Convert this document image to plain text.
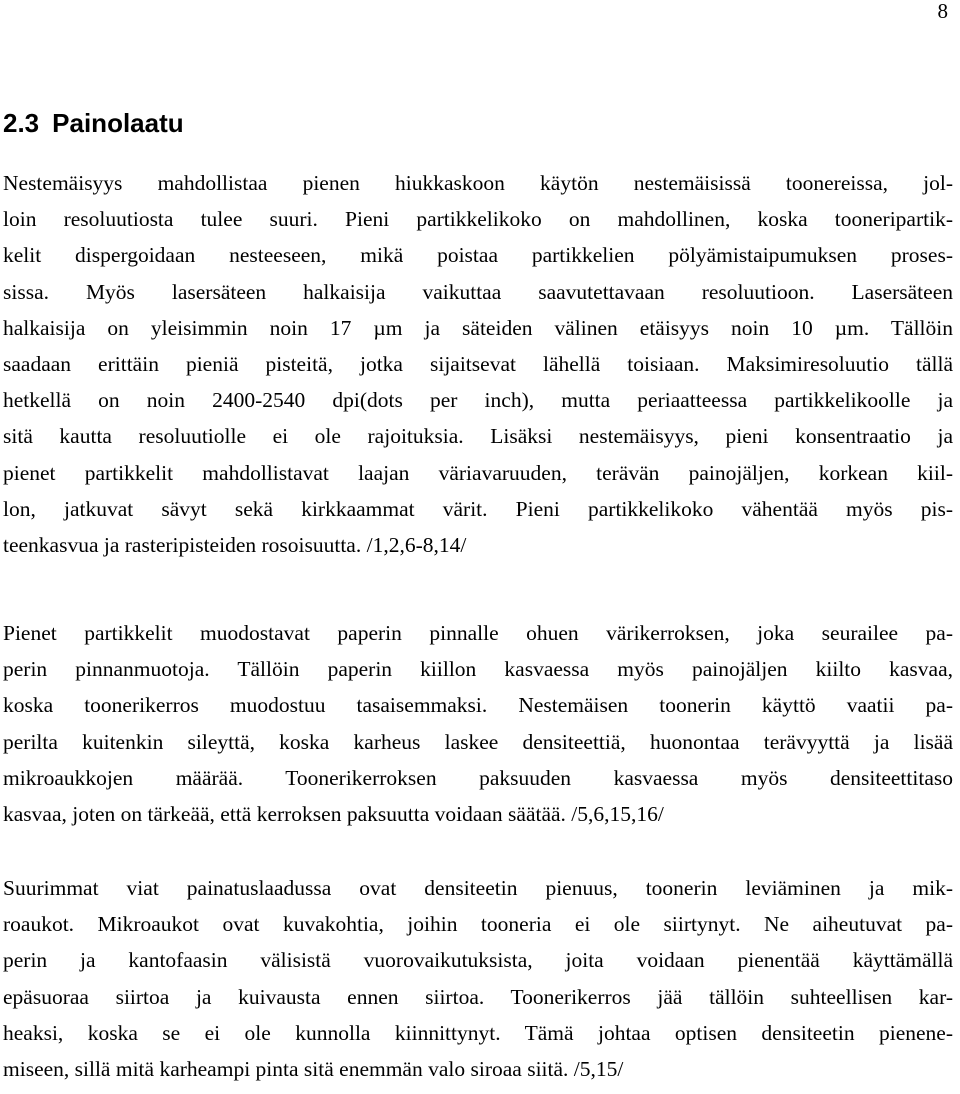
8
2.3 Painolaatu
Nestemäisyys mahdollistaa pienen hiukkaskoon käytön nestemäisissä toonereissa, jol-
loin resoluutiosta tulee suuri. Pieni partikkelikoko on mahdollinen, koska tooneripartik-
kelit dispergoidaan nesteeseen, mikä poistaa partikkelien pölyämistaipumuksen proses-
sissa. Myös lasersäteen halkaisija vaikuttaa saavutettavaan resoluutioon. Lasersäteen
halkaisija on yleisimmin noin 17 µm ja säteiden välinen etäisyys noin 10 µm. Tällöin
saadaan erittäin pieniä pisteitä, jotka sijaitsevat lähellä toisiaan. Maksimiresoluutio tällä
hetkellä on noin 2400-2540 dpi(dots per inch), mutta periaatteessa partikkelikoolle ja
sitä kautta resoluutiolle ei ole rajoituksia. Lisäksi nestemäisyys, pieni konsentraatio ja
pienet partikkelit mahdollistavat laajan väriavaruuden, terävän painojäljen, korkean kiil-
lon, jatkuvat sävyt sekä kirkkaammat värit. Pieni partikkelikoko vähentää myös pis-
teenkasvua ja rasteripisteiden rosoisuutta. /1,2,6-8,14/
Pienet partikkelit muodostavat paperin pinnalle ohuen värikerroksen, joka seurailee pa-
perin pinnanmuotoja. Tällöin paperin kiillon kasvaessa myös painojäljen kiilto kasvaa,
koska toonerikerros muodostuu tasaisemmaksi. Nestemäisen toonerin käyttö vaatii pa-
perilta kuitenkin sileyttä, koska karheus laskee densiteettiä, huonontaa terävyyttä ja lisää
mikroaukkojen määrää. Toonerikerroksen paksuuden kasvaessa myös densiteettitaso
kasvaa, joten on tärkeää, että kerroksen paksuutta voidaan säätää. /5,6,15,16/
Suurimmat viat painatuslaadussa ovat densiteetin pienuus, toonerin leviäminen ja mik-
roaukot. Mikroaukot ovat kuvakohtia, joihin tooneria ei ole siirtynyt. Ne aiheutuvat pa-
perin ja kantofaasin välisistä vuorovaikutuksista, joita voidaan pienentää käyttämällä
epäsuoraa siirtoa ja kuivausta ennen siirtoa. Toonerikerros jää tällöin suhteellisen kar-
heaksi, koska se ei ole kunnolla kiinnittynyt. Tämä johtaa optisen densiteetin pienene-
miseen, sillä mitä karheampi pinta sitä enemmän valo siroaa siitä. /5,15/
